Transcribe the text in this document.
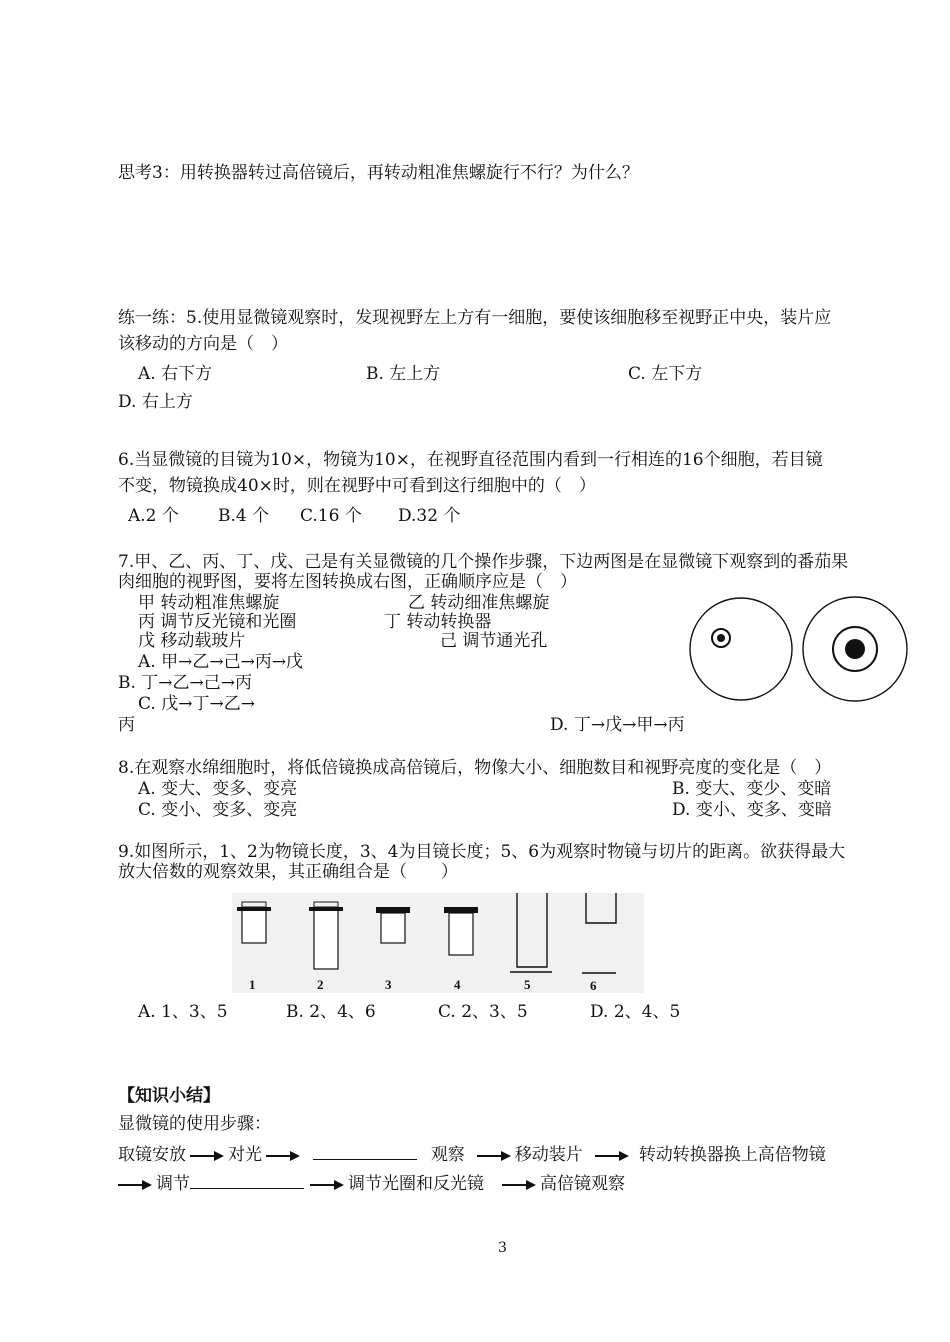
思考3：用转换器转过高倍镜后，再转动粗准焦螺旋行不行？为什么？
练一练：5.使用显微镜观察时，发现视野左上方有一细胞，要使该细胞移至视野正中央，装片应
该移动的方向是（　）
A. 右下方	B. 左上方	C. 左下方
D. 右上方
6.当显微镜的目镜为10×，物镜为10×，在视野直径范围内看到一行相连的16个细胞，若目镜
不变，物镜换成40×时，则在视野中可看到这行细胞中的（　）
A.2 个 B.4 个 C.16 个 D.32 个
7.甲、乙、丙、丁、戊、己是有关显微镜的几个操作步骤，下边两图是在显微镜下观察到的番茄果
肉细胞的视野图，要将左图转换成右图，正确顺序应是（　）
甲 转动粗准焦螺旋	乙 转动细准焦螺旋
丙 调节反光镜和光圈	丁 转动转换器
戊 移动载玻片	己 调节通光孔
A. 甲→乙→己→丙→戊
B. 丁→乙→己→丙
C. 戊→丁→乙→
丙	D. 丁→戊→甲→丙
8.在观察水绵细胞时，将低倍镜换成高倍镜后，物像大小、细胞数目和视野亮度的变化是（　）
A. 变大、变多、变亮	B. 变大、变少、变暗
C. 变小、变多、变亮	D. 变小、变多、变暗
9.如图所示，1、2为物镜长度，3、4为目镜长度；5、6为观察时物镜与切片的距离。欲获得最大
放大倍数的观察效果，其正确组合是（　　）
1	2	3	4	5	6
A. 1、3、5	B. 2、4、6	C. 2、3、5	D. 2、4、5
【知识小结】
显微镜的使用步骤：
取镜安放 对光	观察	移动装片	转动转换器换上高倍物镜
调节	调节光圈和反光镜	高倍镜观察
3
